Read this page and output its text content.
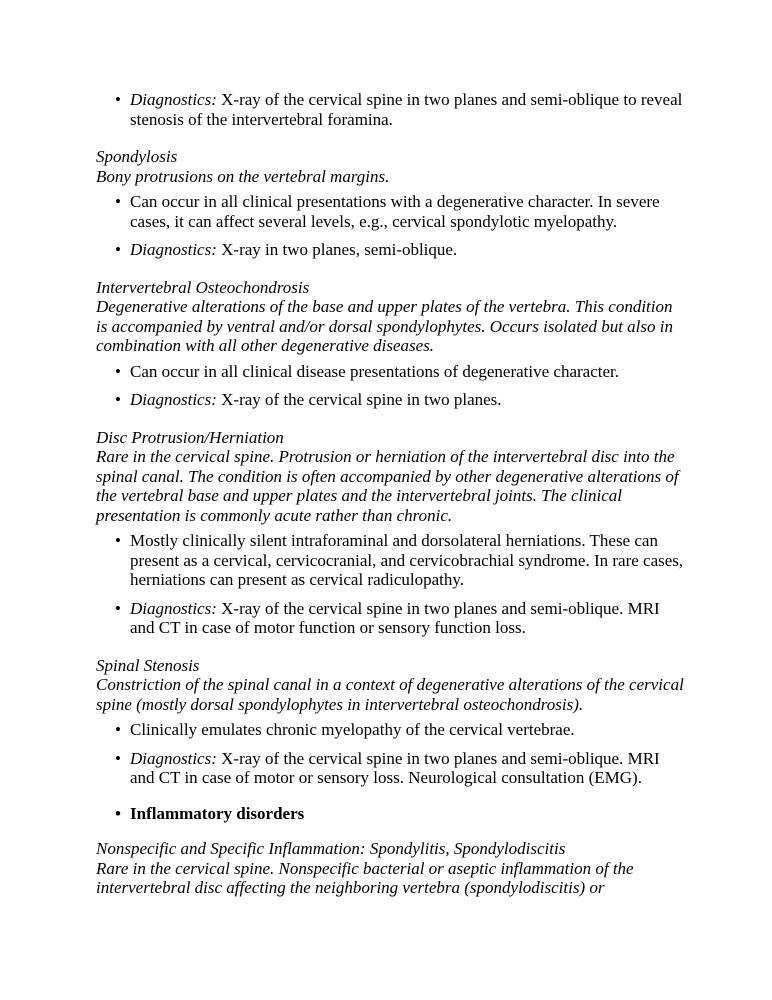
• Diagnostics: X-ray of the cervical spine in two planes and semi-oblique to reveal stenosis of the intervertebral foramina.

Spondylosis

Bony protrusions on the vertebral margins.

• Can occur in all clinical presentations with a degenerative character. In severe cases, it can affect several levels, e.g., cervical spondylotic myelopathy.
• Diagnostics: X-ray in two planes, semi-oblique.

Intervertebral Osteochondrosis

Degenerative alterations of the base and upper plates of the vertebra. This condition is accompanied by ventral and/or dorsal spondylophytes. Occurs isolated but also in combination with all other degenerative diseases.

• Can occur in all clinical disease presentations of degenerative character.
• Diagnostics: X-ray of the cervical spine in two planes.

Disc Protrusion/Herniation

Rare in the cervical spine. Protrusion or herniation of the intervertebral disc into the spinal canal. The condition is often accompanied by other degenerative alterations of the vertebral base and upper plates and the intervertebral joints. The clinical presentation is commonly acute rather than chronic.

• Mostly clinically silent intraforaminal and dorsolateral herniations. These can present as a cervical, cervicocranial, and cervicobrachial syndrome. In rare cases, herniations can present as cervical radiculopathy.
• Diagnostics: X-ray of the cervical spine in two planes and semi-oblique. MRI and CT in case of motor function or sensory function loss.

Spinal Stenosis

Constriction of the spinal canal in a context of degenerative alterations of the cervical spine (mostly dorsal spondylophytes in intervertebral osteochondrosis).

• Clinically emulates chronic myelopathy of the cervical vertebrae.
• Diagnostics: X-ray of the cervical spine in two planes and semi-oblique. MRI and CT in case of motor or sensory loss. Neurological consultation (EMG).
• Inflammatory disorders

Nonspecific and Specific Inflammation: Spondylitis, Spondylodiscitis

Rare in the cervical spine. Nonspecific bacterial or aseptic inflammation of the intervertebral disc affecting the neighboring vertebra (spondylodiscitis) or
